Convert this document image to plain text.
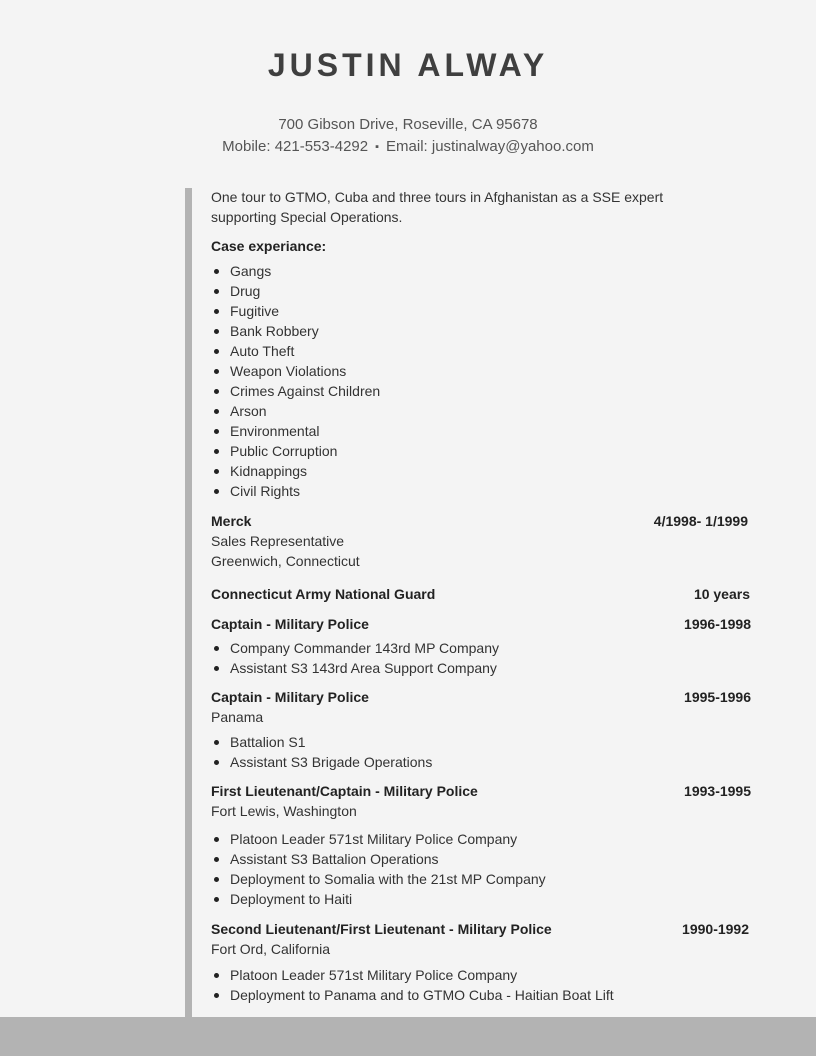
JUSTIN ALWAY
700 Gibson Drive, Roseville, CA 95678
Mobile: 421-553-4292 ▪ Email: justinalway@yahoo.com
One tour to GTMO, Cuba and three tours in Afghanistan as a SSE expert supporting Special Operations.
Case experiance:
Gangs
Drug
Fugitive
Bank Robbery
Auto Theft
Weapon Violations
Crimes Against Children
Arson
Environmental
Public Corruption
Kidnappings
Civil Rights
Merck	4/1998- 1/1999
Sales Representative
Greenwich, Connecticut
Connecticut Army National Guard	10 years
Captain - Military Police	1996-1998
Company Commander 143rd MP Company
Assistant S3 143rd Area Support Company
Captain - Military Police	1995-1996
Panama
Battalion S1
Assistant S3 Brigade Operations
First Lieutenant/Captain - Military Police	1993-1995
Fort Lewis, Washington
Platoon Leader 571st Military Police Company
Assistant S3 Battalion Operations
Deployment to Somalia with the 21st MP Company
Deployment to Haiti
Second Lieutenant/First Lieutenant - Military Police	1990-1992
Fort Ord, California
Platoon Leader 571st Military Police Company
Deployment to Panama and to GTMO Cuba - Haitian Boat Lift
